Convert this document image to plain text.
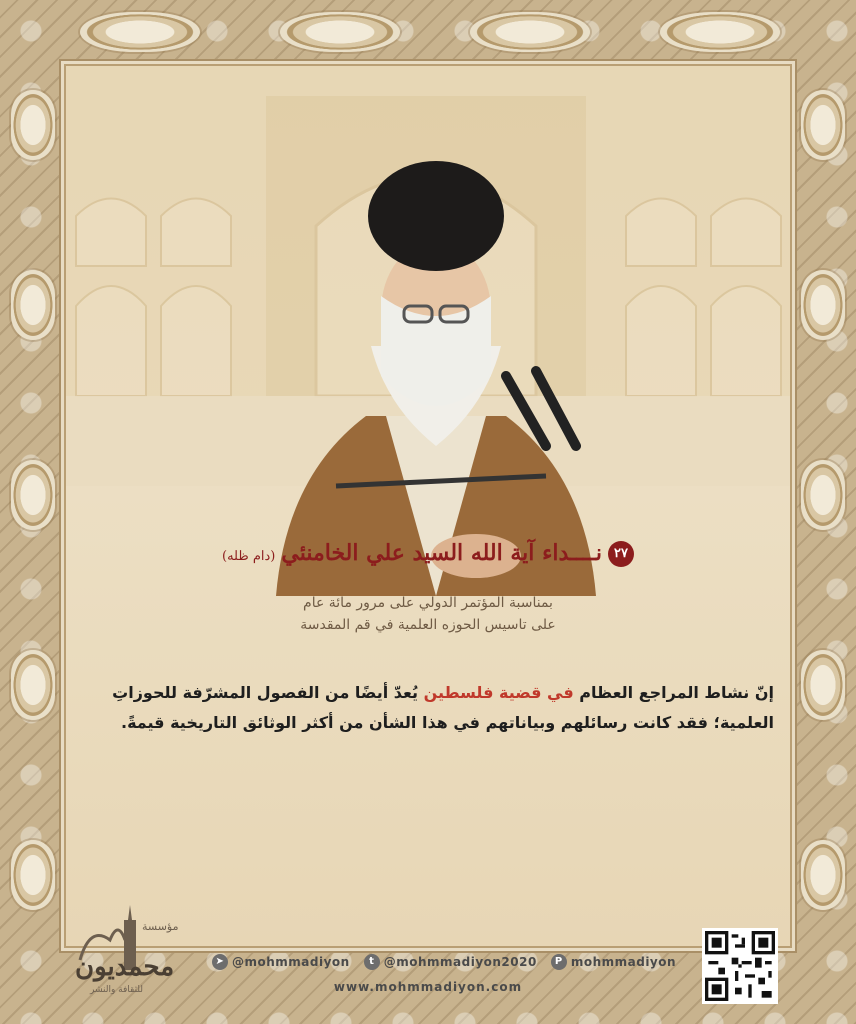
٢٧نــــداء آية الله السيد علي الخامنئي(دام ظله)
بمناسبة المؤتمر الدولي على مرور مائة عام
على تاسيس الحوزه العلمية في قم المقدسة
إنّ نشاط المراجع العظام في قضية فلسطين يُعدّ أيضًا من الفصول المشرّفة للحوزاتِ العلمية؛ فقد كانت رسائلهم وبياناتهم في هذا الشأن من أكثر الوثائق التاريخية قيمةً.
مؤسسة
محمديون
للثقافة والنشر
➤ @mohmmadiyon	t @mohmmadiyon2020	P mohmmadiyon
www.mohmmadiyon.com
